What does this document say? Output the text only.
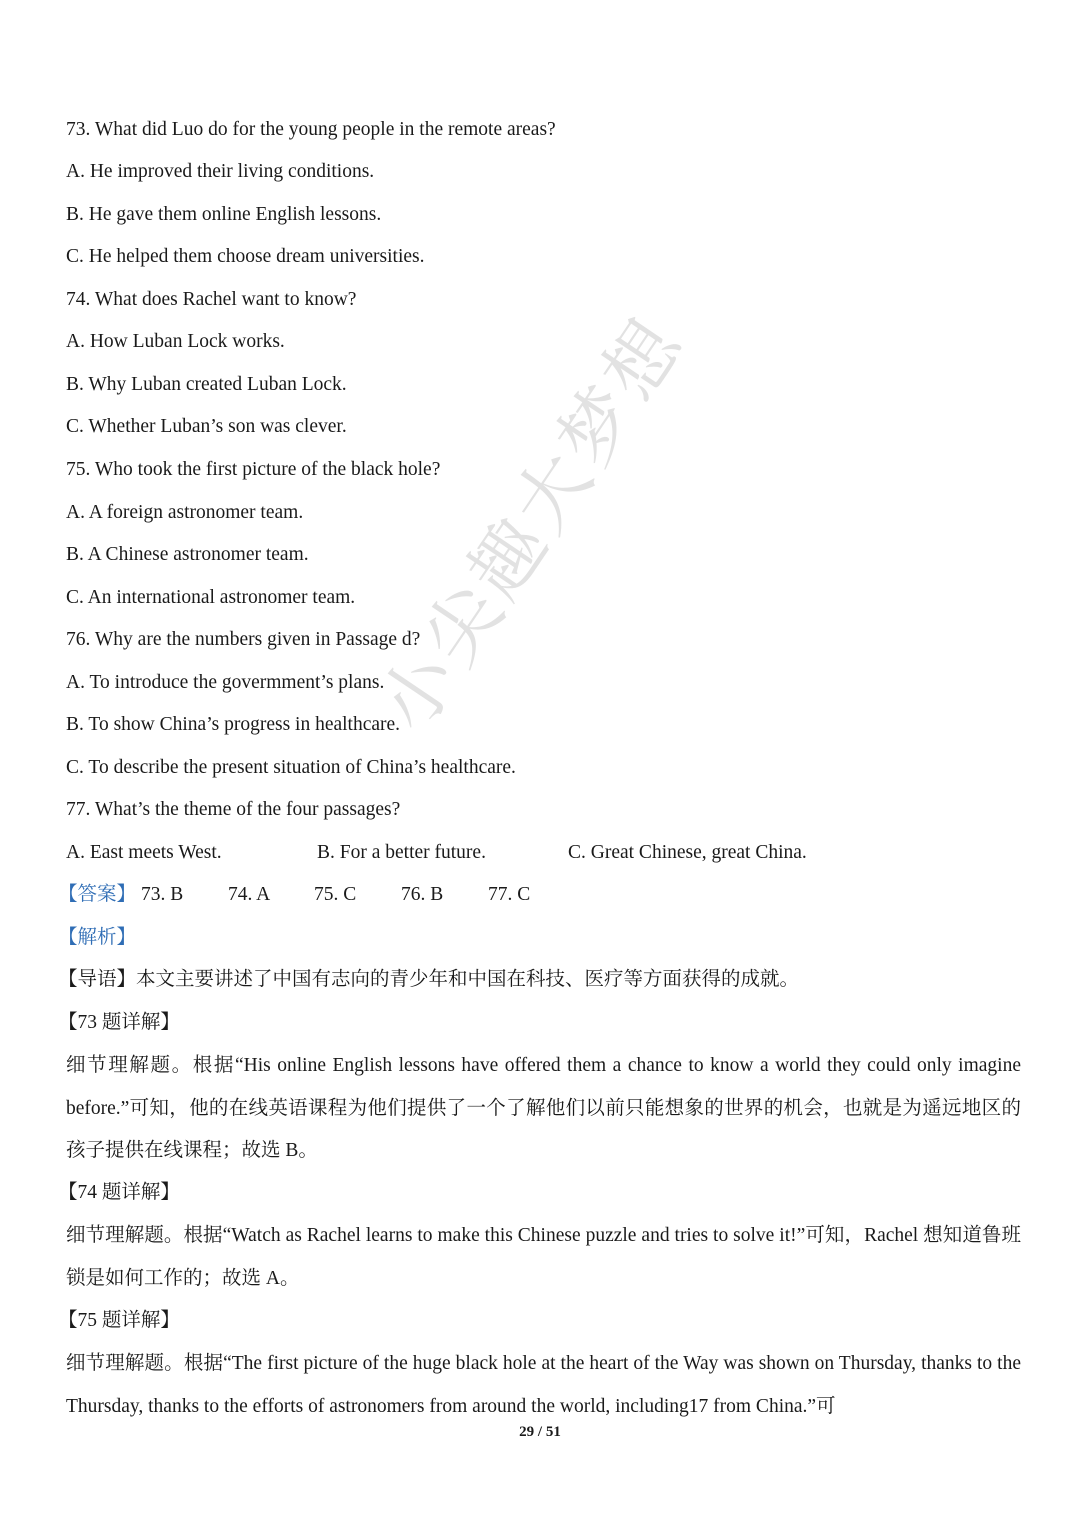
73. What did Luo do for the young people in the remote areas?
A. He improved their living conditions.
B. He gave them online English lessons.
C. He helped them choose dream universities.
74. What does Rachel want to know?
A. How Luban Lock works.
B. Why Luban created Luban Lock.
C. Whether Luban’s son was clever.
75. Who took the first picture of the black hole?
A. A foreign astronomer team.
B. A Chinese astronomer team.
C. An international astronomer team.
76. Why are the numbers given in Passage d?
A. To introduce the govermment’s plans.
B. To show China’s progress in healthcare.
C. To describe the present situation of China’s healthcare.
77. What’s the theme of the four passages?
A. East meets West.	B. For a better future.	C. Great Chinese, great China.
【答案】 73. B 74. A 75. C 76. B 77. C
【解析】
【导语】本文主要讲述了中国有志向的青少年和中国在科技、医疗等方面获得的成就。
【73 题详解】
细节理解题。根据“His online English lessons have offered them a chance to know a world they could only imagine before.”可知，他的在线英语课程为他们提供了一个了解他们以前只能想象的世界的机会，也就是为遥远地区的孩子提供在线课程；故选 B。
【74 题详解】
细节理解题。根据“Watch as Rachel learns to make this Chinese puzzle and tries to solve it!”可知，Rachel 想知道鲁班锁是如何工作的；故选 A。
【75 题详解】
细节理解题。根据“The first picture of the huge black hole at the heart of the Way was shown on Thursday, thanks to the Thursday, thanks to the efforts of astronomers from around the world, including17 from China.”可
小尖趣大梦想
29 / 51
